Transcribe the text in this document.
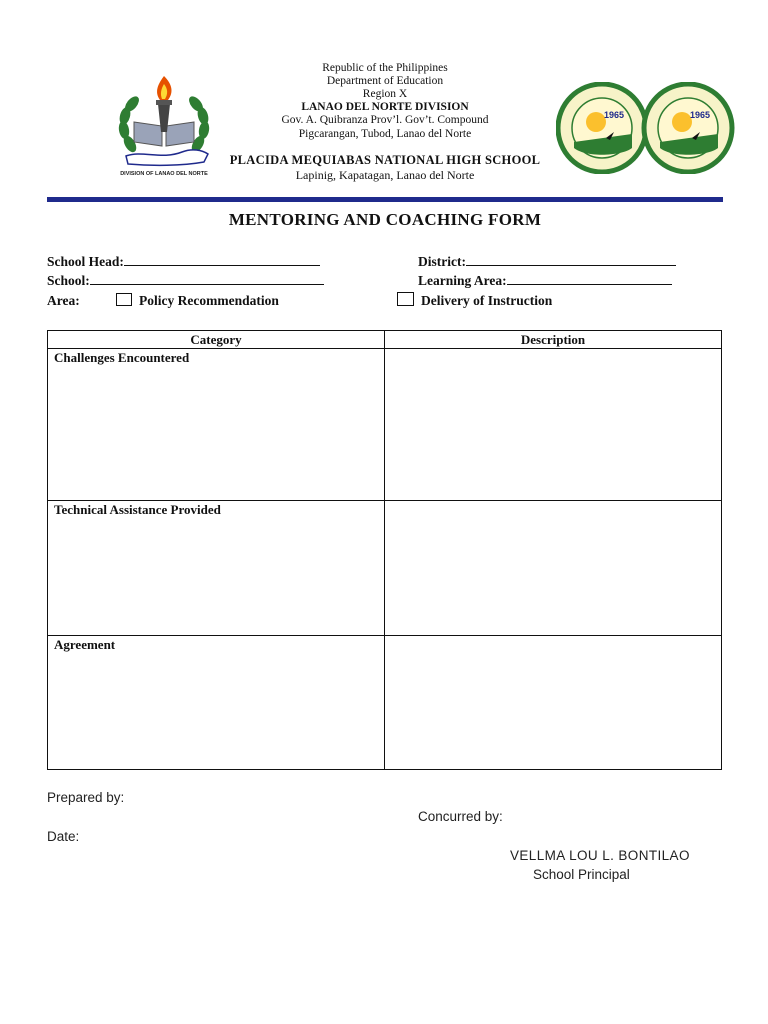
DIVISION OF LANAO DEL NORTE
1965	1965
Republic of the Philippines
Department of Education
Region X
LANAO DEL NORTE DIVISION
Gov. A. Quibranza Prov’l. Gov’t. Compound
Pigcarangan, Tubod, Lanao del Norte
PLACIDA MEQUIABAS NATIONAL HIGH SCHOOL
Lapinig, Kapatagan, Lanao del Norte
MENTORING AND COACHING FORM
School Head:	District:
School:	Learning Area:
Area:	Policy Recommendation	Delivery of Instruction
Category	Description

Challenges Encountered	

Technical Assistance Provided	

Agreement	

Prepared by:
Concurred by:
Date:
VELLMA LOU L. BONTILAO
School Principal
